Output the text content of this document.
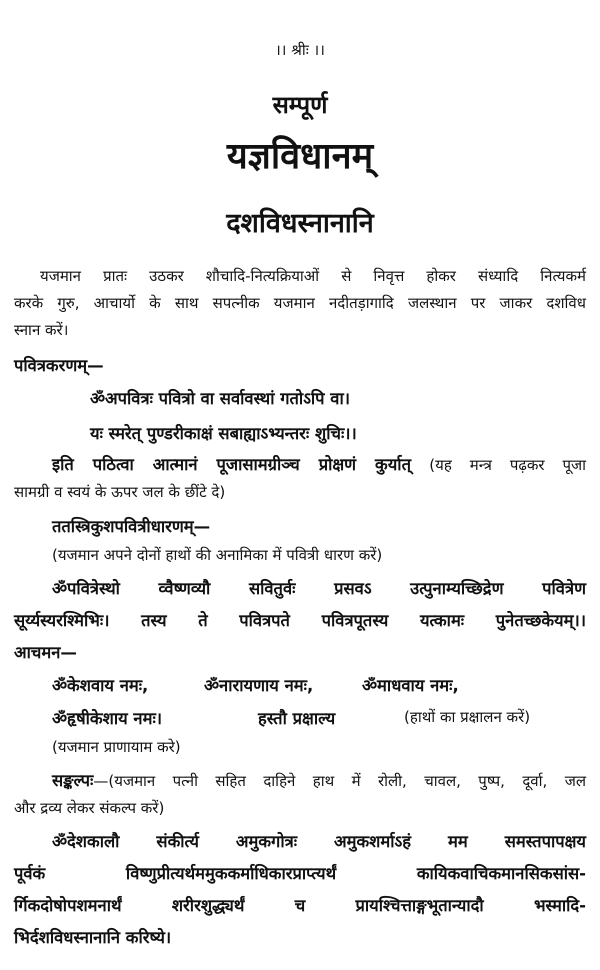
।। श्रीः ।।
सम्पूर्ण
यज्ञविधानम्
दशविधस्नानानि
यजमान प्रातः उठकर शौचादि-नित्यक्रियाओं से निवृत्त होकर संध्यादि नित्यकर्म
करके गुरु, आचार्यो के साथ सपत्नीक यजमान नदीतड़ागादि जलस्थान पर जाकर दशविध
स्नान करें।
पवित्रकरणम्—
ॐअपवित्रः पवित्रो वा सर्वावस्थां गतोऽपि वा।
यः स्मरेत् पुण्डरीकाक्षं सबाह्याऽभ्यन्तरः शुचिः।।
इति पठित्वा आत्मानं पूजासामग्रीञ्च प्रोक्षणं कुर्यात् (यह मन्त्र पढ़कर पूजा
सामग्री व स्वयं के ऊपर जल के छींटे दे)
ततस्त्रिकुशपवित्रीधारणम्—
(यजमान अपने दोनों हाथों की अनामिका में पवित्री धारण करें)
ॐपवित्रेस्थो व्वैष्णव्यौ सवितुर्वः प्रसवऽ उत्पुनाम्यच्छिद्रेण पवित्रेण
सूर्य्यस्यरश्मिभिः। तस्य ते पवित्रपते पवित्रपूतस्य यत्कामः पुनेतच्छकेयम्।।
आचमन—
ॐकेशवाय नमः,	ॐनारायणाय नमः,	ॐमाधवाय नमः,
ॐहृषीकेशाय नमः।	हस्तौ प्रक्षाल्य	(हाथों का प्रक्षालन करें)
(यजमान प्राणायाम करे)
सङ्कल्पः—(यजमान पत्नी सहित दाहिने हाथ में रोली, चावल, पुष्प, दूर्वा, जल
और द्रव्य लेकर संकल्प करें)
ॐदेशकालौ संकीर्त्य अमुकगोत्रः अमुकशर्माऽहं मम समस्तपापक्षय
पूर्वकं विष्णुप्रीत्यर्थममुककर्माधिकारप्राप्त्यर्थं कायिकवाचिकमानसिकसांस-
र्गिकदोषोपशमनार्थं शरीरशुद्ध्यर्थं च प्रायश्चित्ताङ्गभूतान्यादौ भस्मादि-
भिर्दशविधस्नानानि करिष्ये।
